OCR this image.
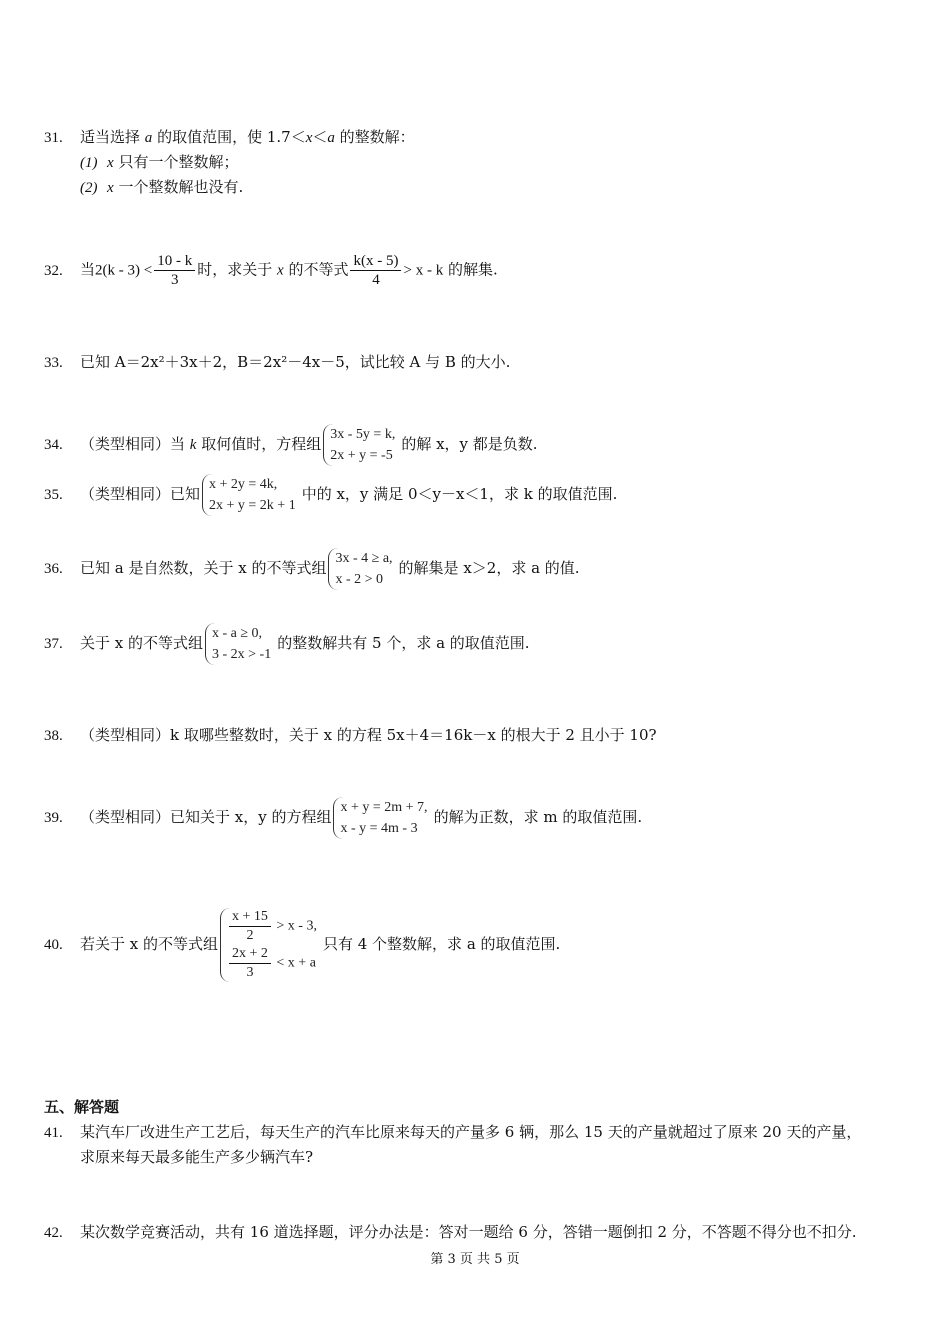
31. 适当选择 a 的取值范围，使 1.7＜x＜a 的整数解：
(1) x 只有一个整数解；
(2) x 一个整数解也没有.
32. 当$2(k - 3) < \frac{10 - k}{3}$ 时，求关于 x 的不等式 $\frac{k(x - 5)}{4} > x - k$ 的解集.
33. 已知 A＝2x²＋3x＋2，B＝2x²－4x－5，试比较 A 与 B 的大小.
34. （类型相同）当 k 取何值时，方程组
3x - 5y = k,
2x + y = -5
的解 x，y 都是负数.
35. （类型相同）已知
x + 2y = 4k,
2x + y = 2k + 1
中的 x，y 满足 0＜y－x＜1，求 k 的取值范围.
36. 已知 a 是自然数，关于 x 的不等式组
3x - 4 ≥ a,
x - 2 > 0
的解集是 x＞2，求 a 的值.
37. 关于 x 的不等式组
x - a ≥ 0,
3 - 2x > -1
的整数解共有 5 个，求 a 的取值范围.
38. （类型相同）k 取哪些整数时，关于 x 的方程 5x＋4＝16k－x 的根大于 2 且小于 10?
39. （类型相同）已知关于 x，y 的方程组
x + y = 2m + 7,
x - y = 4m - 3
的解为正数，求 m 的取值范围.
40. 若关于 x 的不等式组 $\frac{x + 15}{2} > x - 3$,
$\frac{2x + 2}{3} < x + a$
只有 4 个整数解，求 a 的取值范围.
五、解答题
41. 某汽车厂改进生产工艺后，每天生产的汽车比原来每天的产量多 6 辆，那么 15 天的产量就超过了原来 20 天的产量，
求原来每天最多能生产多少辆汽车?
42. 某次数学竞赛活动，共有 16 道选择题，评分办法是：答对一题给 6 分，答错一题倒扣 2 分，不答题不得分也不扣分.
第 3 页 共 5 页
